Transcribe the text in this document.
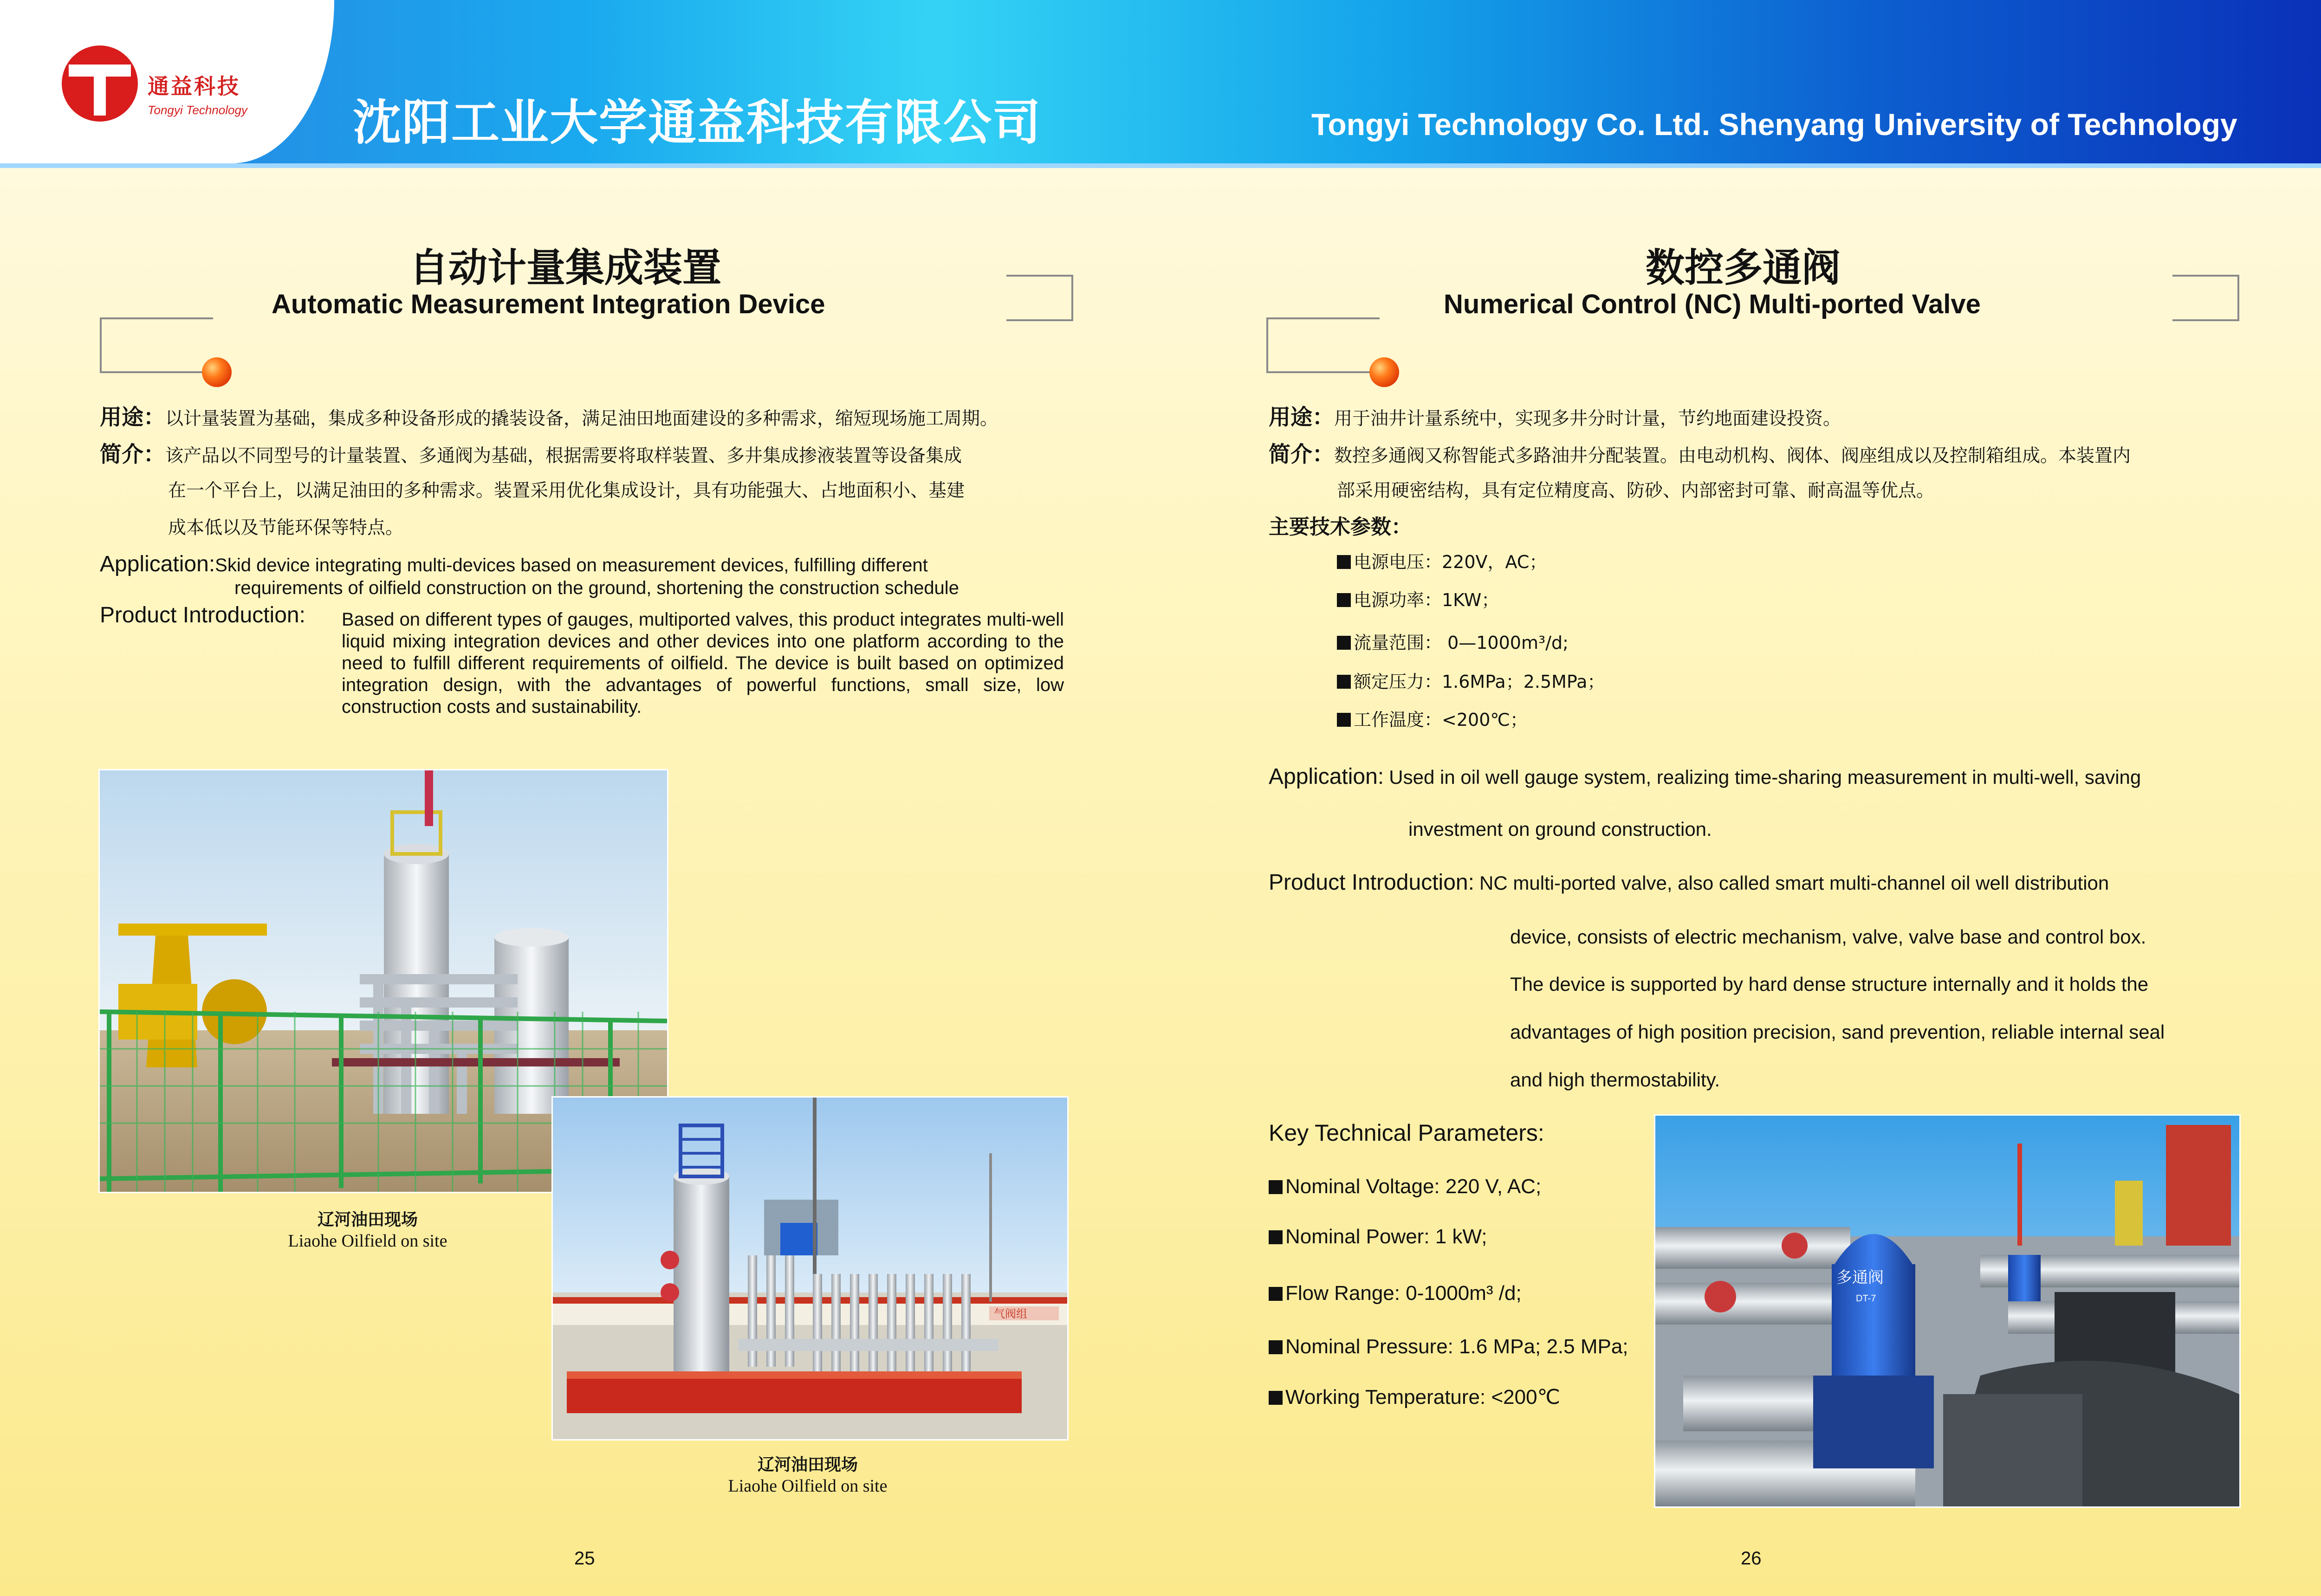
通益科技
Tongyi Technology 沈阳工业大学通益科技有限公司	Tongyi Technology Co. Ltd. Shenyang University of Technology
自动计量集成装置
Automatic Measurement Integration Device
用途：以计量装置为基础，集成多种设备形成的撬装设备，满足油田地面建设的多种需求，缩短现场施工周期。
简介：该产品以不同型号的计量装置、多通阀为基础，根据需要将取样装置、多井集成掺液装置等设备集成
在一个平台上，以满足油田的多种需求。装置采用优化集成设计，具有功能强大、占地面积小、基建
成本低以及节能环保等特点。
Application:Skid device integrating multi-devices based on measurement devices, fulfilling different
requirements of oilfield construction on the ground, shortening the construction schedule
Product Introduction: Based on different types of gauges, multiported valves, this product integrates multi-well liquid mixing integration devices and other devices into one platform according to the need to fulfill different requirements of oilfield. The device is built based on optimized integration design, with the advantages of powerful functions, small size, low construction costs and sustainability.
辽河油田现场
Liaohe Oilfield on site
气阀组
辽河油田现场
Liaohe Oilfield on site
25
数控多通阀
Numerical Control (NC) Multi-ported Valve
用途：用于油井计量系统中，实现多井分时计量，节约地面建设投资。
简介：数控多通阀又称智能式多路油井分配装置。由电动机构、阀体、阀座组成以及控制箱组成。本装置内
部采用硬密结构，具有定位精度高、防砂、内部密封可靠、耐高温等优点。
主要技术参数：
电源电压：220V，AC；
电源功率：1KW；
流量范围： 0—1000m³/d;
额定压力：1.6MPa；2.5MPa；
工作温度：<200℃；
Application: Used in oil well gauge system, realizing time-sharing measurement in multi-well, saving
investment on ground construction.
Product Introduction: NC multi-ported valve, also called smart multi-channel oil well distribution
device, consists of electric mechanism, valve, valve base and control box.
The device is supported by hard dense structure internally and it holds the
advantages of high position precision, sand prevention, reliable internal seal
and high thermostability.
Key Technical Parameters:
Nominal Voltage: 220 V, AC;
Nominal Power: 1 kW;
Flow Range: 0-1000m³ /d;
Nominal Pressure: 1.6 MPa; 2.5 MPa;
Working Temperature: <200℃
多通阀
DT-7
26
